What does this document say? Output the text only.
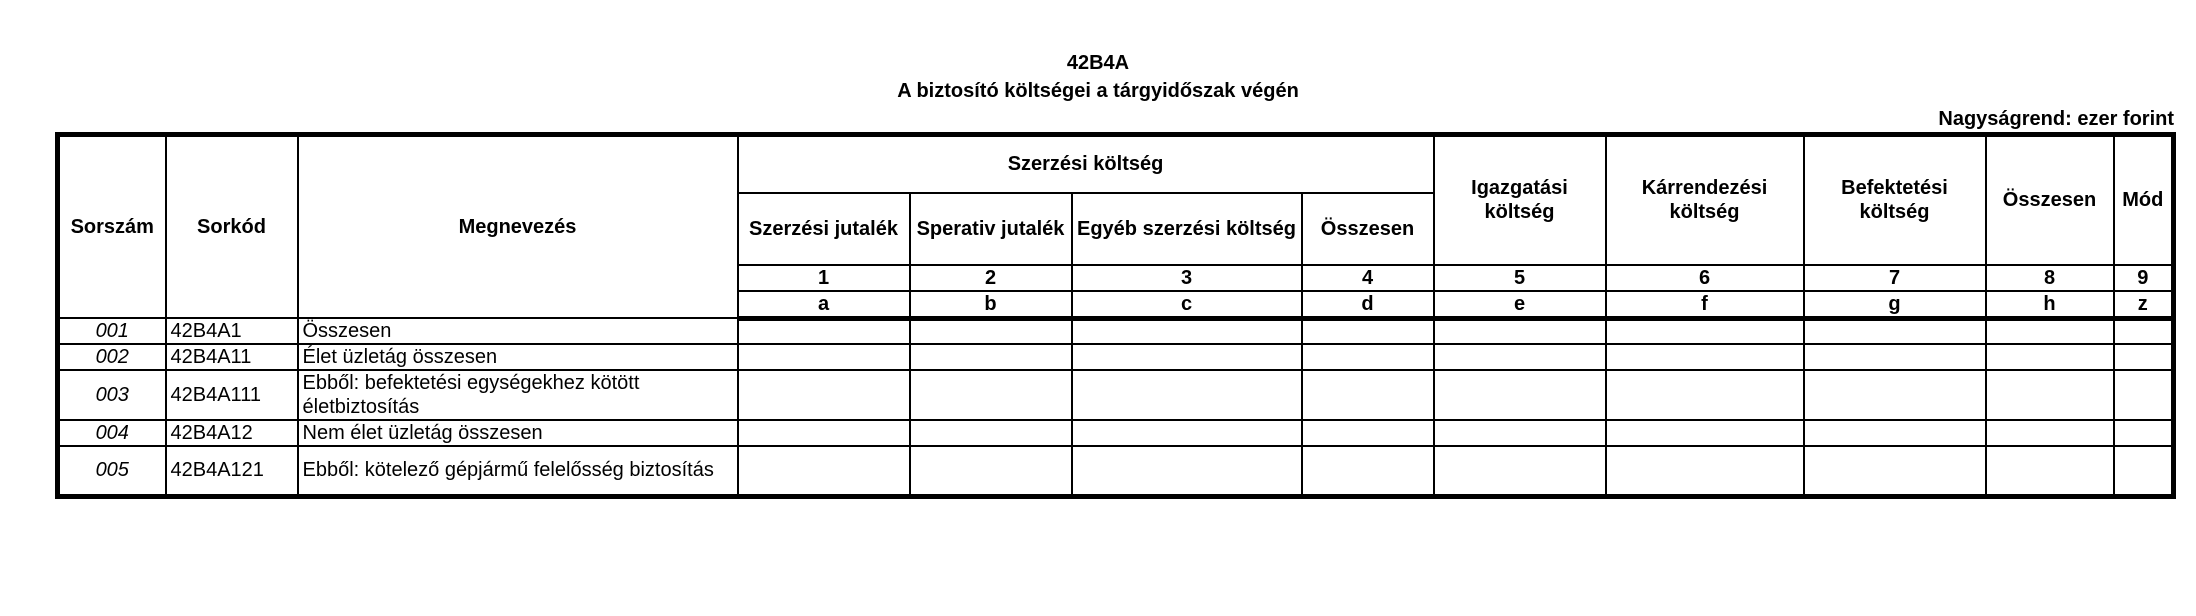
42B4A
A biztosító költségei a tárgyidőszak végén
Nagyságrend: ezer forint
Sorszám	Sorkód	Megnevezés	Szerzési költség				Igazgatási költség	Kárrendezési költség	Befektetési költség	Összesen	Mód
			Szerzési jutalék	Sperativ jutalék	Egyéb szerzési költség	Összesen					
			1	2	3	4	5	6	7	8	9
			a	b	c	d	e	f	g	h	z
001	42B4A1	Összesen									
002	42B4A11	Élet üzletág összesen									
003	42B4A111	Ebből: befektetési egységekhez kötött életbiztosítás									
004	42B4A12	Nem élet üzletág összesen									
005	42B4A121	Ebből: kötelező gépjármű felelősség biztosítás									
